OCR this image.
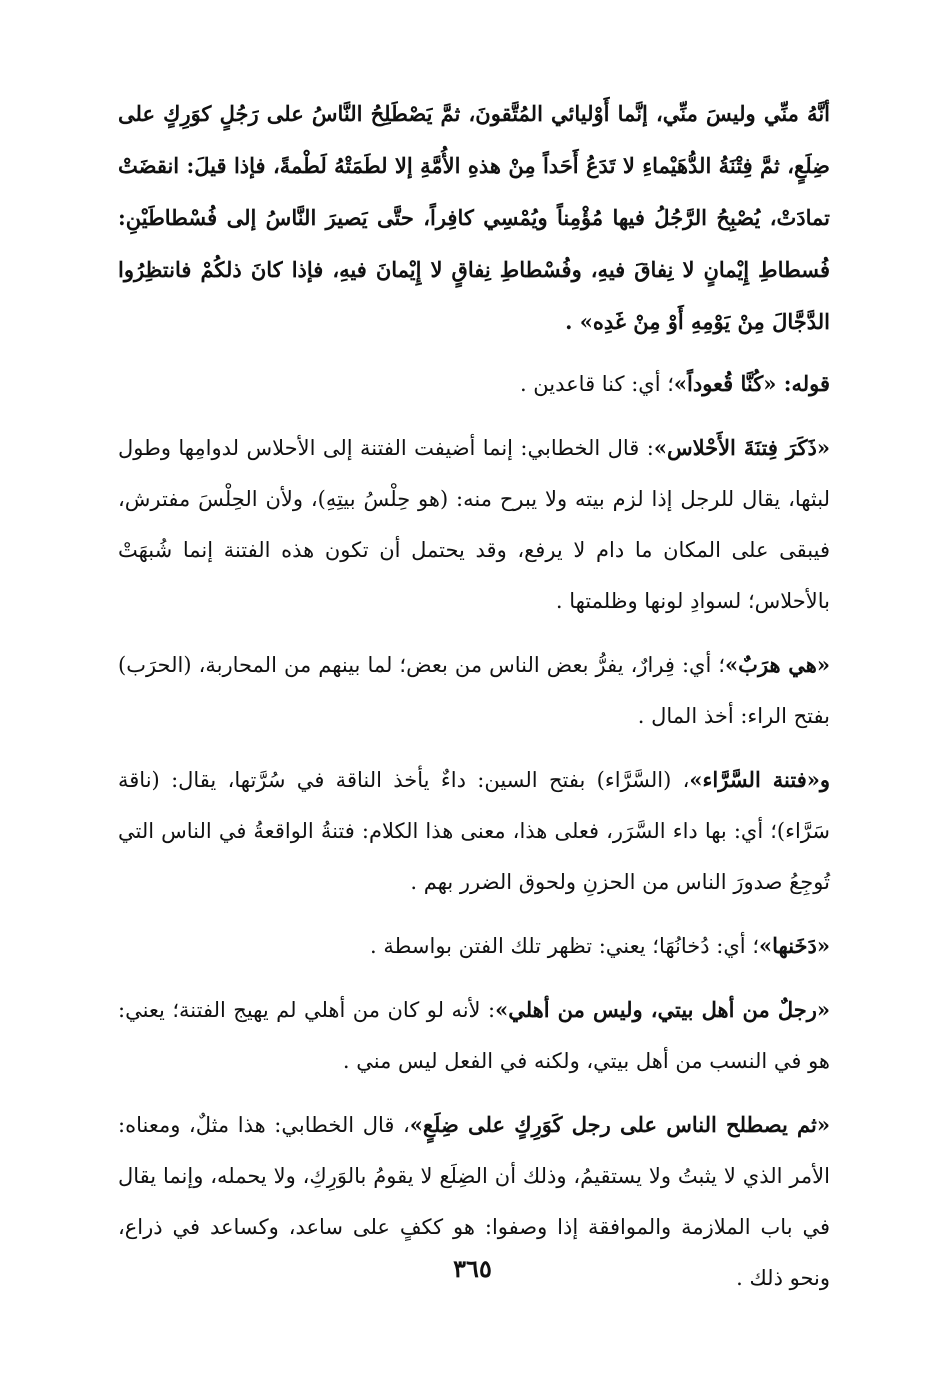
أنَّهُ منِّي وليسَ منِّي، إنَّما أَوْليائي المُتَّقونَ، ثمَّ يَصْطَلِحُ النَّاسُ على رَجُلٍ كوَرِكٍ على ضِلَعٍ، ثمَّ فِتْنَةُ الدُّهَيْماءِ لا تَدَعُ أَحَداً مِنْ هذهِ الأُمَّةِ إلا لطَمَتْهُ لَطْمةً، فإذا قيلَ: انقضَتْ تمادَتْ، يُصْبِحُ الرَّجُلُ فيها مُؤْمِناً ويُمْسِي كافِراً، حتَّى يَصيرَ النَّاسُ إلى فُسْطاطَيْنِ: فُسطاطِ إِيْمانٍ لا نِفاقَ فيهِ، وفُسْطاطِ نِفاقٍ لا إِيْمانَ فيهِ، فإذا كانَ ذلكُمْ فانتظِرُوا الدَّجَّالَ مِنْ يَوْمِهِ أَوْ مِنْ غَدِه» .

قوله: «كُنَّا قُعوداً»؛ أي: كنا قاعدين .

«ذَكَرَ فِتنَةَ الأَحْلاس»: قال الخطابي: إنما أضيفت الفتنة إلى الأحلاس لدوامِها وطول لبثها، يقال للرجل إذا لزم بيته ولا يبرح منه: (هو حِلْسُ بيتِهِ)، ولأن الحِلْسَ مفترش، فيبقى على المكان ما دام لا يرفع، وقد يحتمل أن تكون هذه الفتنة إنما شُبهَتْ بالأحلاس؛ لسوادِ لونها وظلمتها .

«هي هرَبٌ»؛ أي: فِرارٌ، يفرُّ بعض الناس من بعض؛ لما بينهم من المحاربة، (الحرَب) بفتح الراء: أخذ المال .

و«فتنة السَّرَّاء»، (السَّرَّاء) بفتح السين: داءٌ يأخذ الناقة في سُرَّتها، يقال: (ناقة سَرَّاء)؛ أي: بها داء السَّرَر، فعلى هذا، معنى هذا الكلام: فتنةُ الواقعةُ في الناس التي تُوجِعُ صدورَ الناس من الحزنِ ولحوق الضرر بهم .

«دَخَنها»؛ أي: دُخانُهَا؛ يعني: تظهر تلك الفتن بواسطة .

«رجلٌ من أهل بيتي، وليس من أهلي»: لأنه لو كان من أهلي لم يهيج الفتنة؛ يعني: هو في النسب من أهل بيتي، ولكنه في الفعل ليس مني .

«ثم يصطلح الناس على رجل كَوَرِكٍ على ضِلَعٍ»، قال الخطابي: هذا مثلٌ، ومعناه: الأمر الذي لا يثبتُ ولا يستقيمُ، وذلك أن الضِلَع لا يقومُ بالوَرِكِ، ولا يحمله، وإنما يقال في باب الملازمة والموافقة إذا وصفوا: هو ككفٍ على ساعد، وكساعد في ذراع، ونحو ذلك .

٣٦٥
